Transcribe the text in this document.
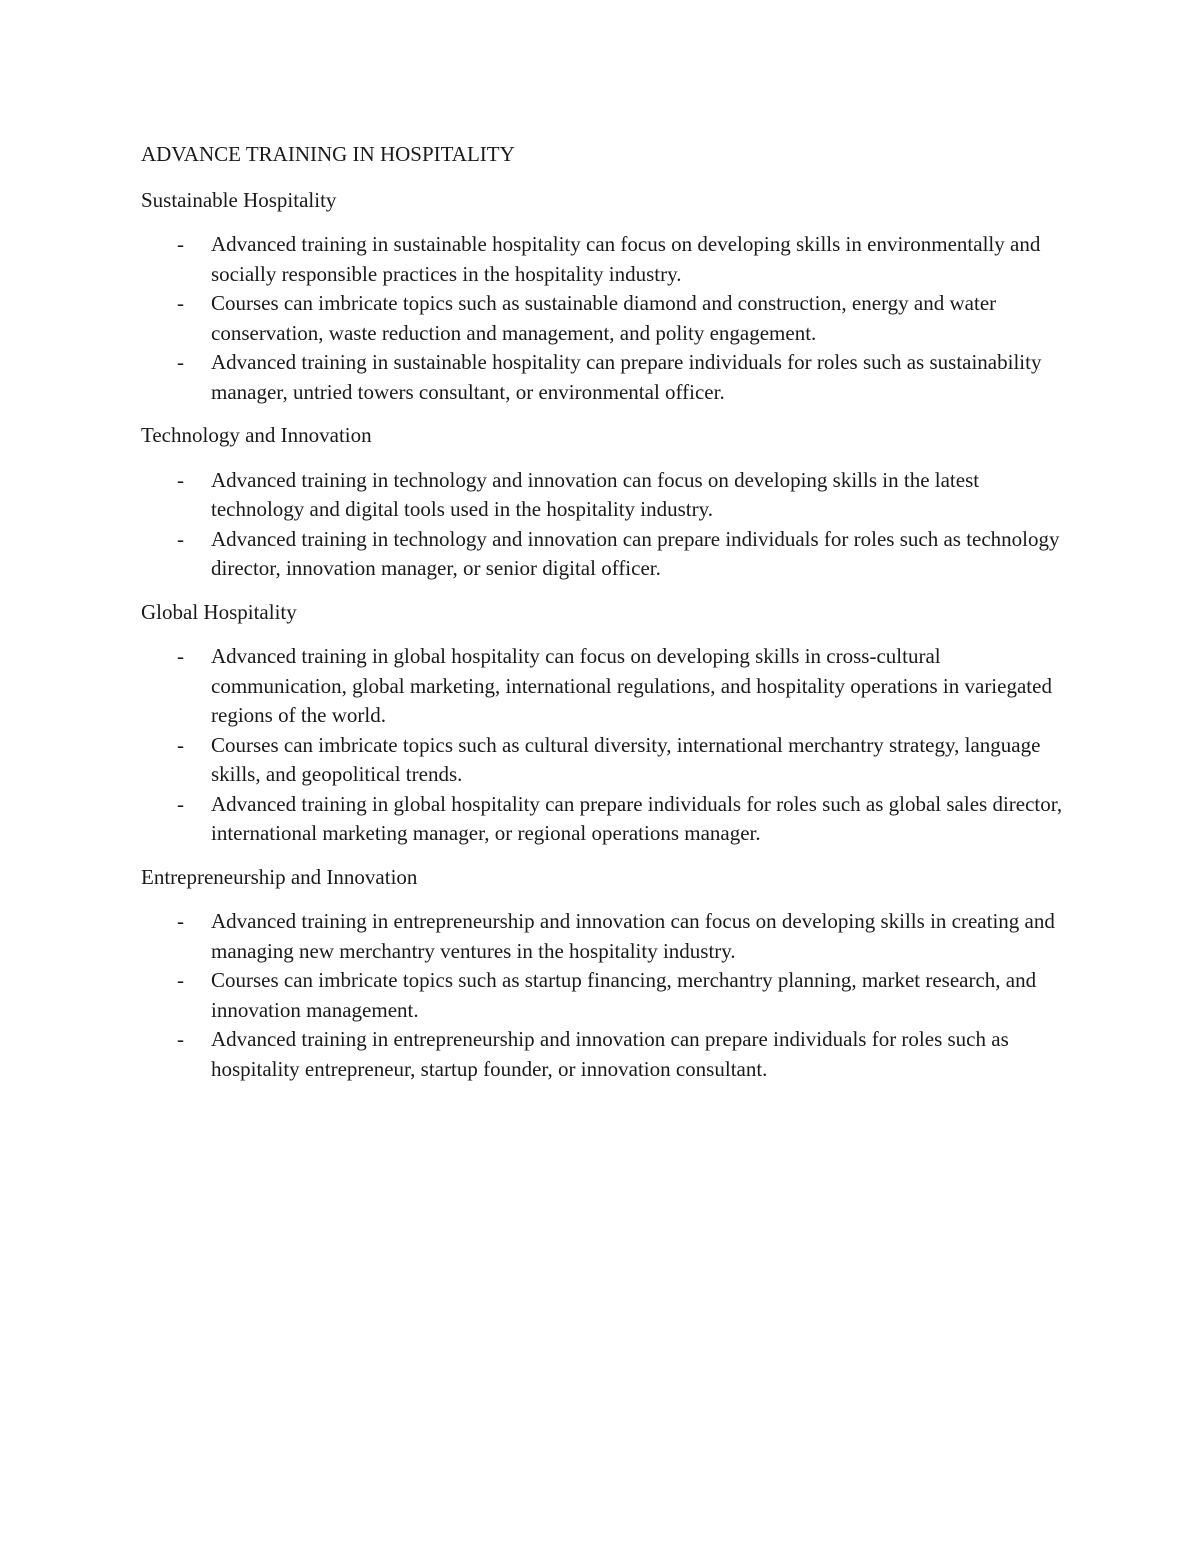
ADVANCE TRAINING IN HOSPITALITY
Sustainable Hospitality
- Advanced training in sustainable hospitality can focus on developing skills in environmentally and socially responsible practices in the hospitality industry.
- Courses can imbricate topics such as sustainable diamond and construction, energy and water conservation, waste reduction and management, and polity engagement.
- Advanced training in sustainable hospitality can prepare individuals for roles such as sustainability manager, untried towers consultant, or environmental officer.
Technology and Innovation
- Advanced training in technology and innovation can focus on developing skills in the latest technology and digital tools used in the hospitality industry.
- Advanced training in technology and innovation can prepare individuals for roles such as technology director, innovation manager, or senior digital officer.
Global Hospitality
- Advanced training in global hospitality can focus on developing skills in cross-cultural communication, global marketing, international regulations, and hospitality operations in variegated regions of the world.
- Courses can imbricate topics such as cultural diversity, international merchantry strategy, language skills, and geopolitical trends.
- Advanced training in global hospitality can prepare individuals for roles such as global sales director, international marketing manager, or regional operations manager.
Entrepreneurship and Innovation
- Advanced training in entrepreneurship and innovation can focus on developing skills in creating and managing new merchantry ventures in the hospitality industry.
- Courses can imbricate topics such as startup financing, merchantry planning, market research, and innovation management.
- Advanced training in entrepreneurship and innovation can prepare individuals for roles such as hospitality entrepreneur, startup founder, or innovation consultant.
